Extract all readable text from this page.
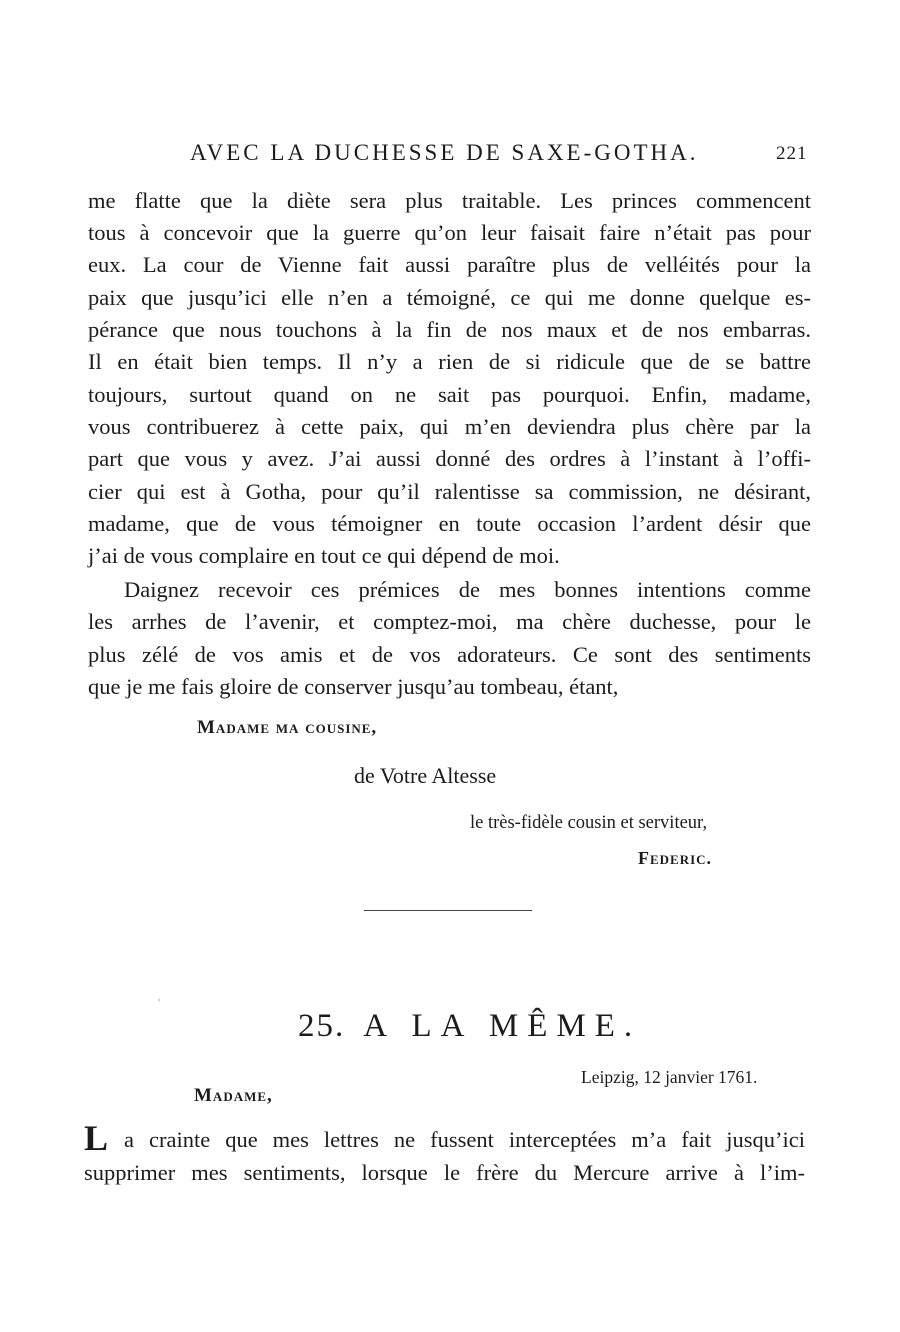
AVEC LA DUCHESSE DE SAXE-GOTHA.	221
me flatte que la diète sera plus traitable. Les princes commencent
tous à concevoir que la guerre qu’on leur faisait faire n’était pas pour
eux. La cour de Vienne fait aussi paraître plus de velléités pour la
paix que jusqu’ici elle n’en a témoigné, ce qui me donne quelque es-
pérance que nous touchons à la fin de nos maux et de nos embarras.
Il en était bien temps. Il n’y a rien de si ridicule que de se battre
toujours, surtout quand on ne sait pas pourquoi. Enfin, madame,
vous contribuerez à cette paix, qui m’en deviendra plus chère par la
part que vous y avez. J’ai aussi donné des ordres à l’instant à l’offi-
cier qui est à Gotha, pour qu’il ralentisse sa commission, ne désirant,
madame, que de vous témoigner en toute occasion l’ardent désir que
j’ai de vous complaire en tout ce qui dépend de moi.
Daignez recevoir ces prémices de mes bonnes intentions comme
les arrhes de l’avenir, et comptez-moi, ma chère duchesse, pour le
plus zélé de vos amis et de vos adorateurs. Ce sont des sentiments
que je me fais gloire de conserver jusqu’au tombeau, étant,
Madame ma cousine,
de Votre Altesse
le très-fidèle cousin et serviteur,
Federic.
25. A LA MÊME.
Leipzig, 12 janvier 1761.
Madame,
L a crainte que mes lettres ne fussent interceptées m’a fait jusqu’ici
supprimer mes sentiments, lorsque le frère du Mercure arrive à l’im-
